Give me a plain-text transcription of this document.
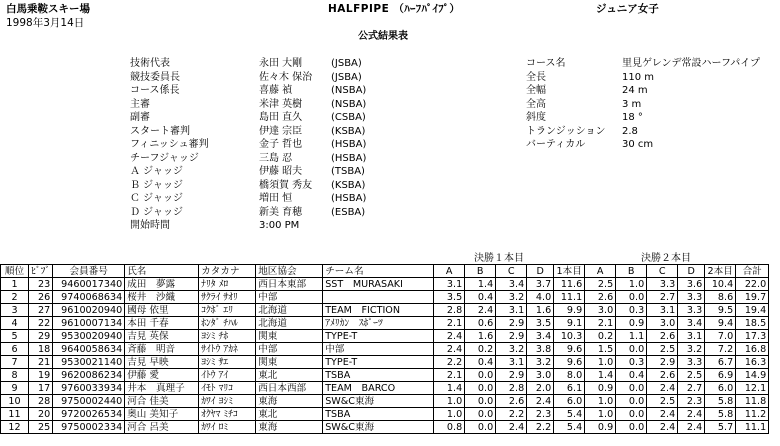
白馬乗鞍スキー場
1998年3月14日
HALFPIPE （ﾊｰﾌﾊﾟｲﾌﾟ）	ジュニア女子
公式結果表
技術代表	永田 大剛	(JSBA)
競技委員長	佐々木 保治 (JSBA)
コース係長	喜藤 禎	(NSBA)
主審	米津 英樹	(NSBA)
副審	島田 直久	(CSBA)
スタート審判	伊達 宗臣	(KSBA)
フィニッシュ審判	金子 哲也	(HSBA)
チーフジャッジ	三島 忍	(HSBA)
Ａ ジャッジ	伊藤 昭夫	(TSBA)
Ｂ ジャッジ	橋須賀 秀友 (KSBA)
Ｃ ジャッジ	増田 恒	(HSBA)
Ｄ ジャッジ	新美 育穂	(ESBA)
開始時間	3:00 PM
コース名	里見ゲレンデ常設ハーフパイプ
全長	110 m
全幅	24 m
全高	3 m
斜度	18 °
トランジッション 2.8
バーティカル	30 cm
順位	ﾋﾞﾌﾞ	会員番号	氏名	カタカナ	地区協会	チーム名	A	B	C	D	1本目	A	B	C	D	2本目	合計
1	23	9460017340	成田　夢露	ﾅﾘﾀ ﾒﾛ	西日本東部	SST　MURASAKI	3.1	1.4	3.4	3.7	11.6	2.5	1.0	3.3	3.6	10.4	22.0
2	26	9740068634	桜井　沙織	ｻｸﾗｲ ｻｵﾘ	中部		3.5	0.4	3.2	4.0	11.1	2.6	0.0	2.7	3.3	8.6	19.7
3	27	9610020940	國母 依里	ｺｸﾎﾞ ｴﾘ	北海道	TEAM　FICTION	2.8	2.4	3.1	1.6	9.9	3.0	0.3	3.1	3.3	9.5	19.4
4	22	9610007134	本田 千春	ﾎﾝﾀﾞ ﾁﾊﾙ	北海道	ｱﾒﾘｶﾝ　ｽﾎﾟｰﾂ	2.1	0.6	2.9	3.5	9.1	2.1	0.9	3.0	3.4	9.4	18.5
5	29	9530020940	吉見 英保	ﾖｼﾐ ﾁﾎ	関東	TYPE-T	2.4	1.6	2.9	3.4	10.3	0.2	1.1	2.6	3.1	7.0	17.3
6	18	9640058634	斉藤　明音	ｻｲﾄｳ ｱｶﾈ	中部	中部	2.4	0.2	3.2	3.8	9.6	1.5	0.0	2.5	3.2	7.2	16.8
7	21	9530021140	吉見 早映	ﾖｼﾐ ｻｴ	関東	TYPE-T	2.2	0.4	3.1	3.2	9.6	1.0	0.3	2.9	3.3	6.7	16.3
8	19	9620086234	伊藤 愛	ｲﾄｳ ｱｲ	東北	TSBA	2.1	0.0	2.9	3.0	8.0	1.4	0.4	2.6	2.5	6.9	14.9
9	17	9760033934	井本　真理子	ｲﾓﾄ ﾏﾘｺ	西日本西部	TEAM　BARCO	1.4	0.0	2.8	2.0	6.1	0.9	0.0	2.4	2.7	6.0	12.1
10	28	9750002440	河合 佳美	ｶﾜｲ ﾖｼﾐ	東海	SW&C東海	1.0	0.0	2.6	2.4	6.0	1.0	0.0	2.5	2.3	5.8	11.8
11	20	9720026534	奥山 美知子	ｵｸﾔﾏ ﾐﾁｺ	東北	TSBA	1.0	0.0	2.2	2.3	5.4	1.0	0.0	2.4	2.4	5.8	11.2
12	25	9750002334	河合 呂美	ｶﾜｲ ﾛﾐ	東海	SW&C東海	0.8	0.0	2.4	2.2	5.4	0.9	0.0	2.4	2.4	5.7	11.1
決勝１本目	決勝２本目
